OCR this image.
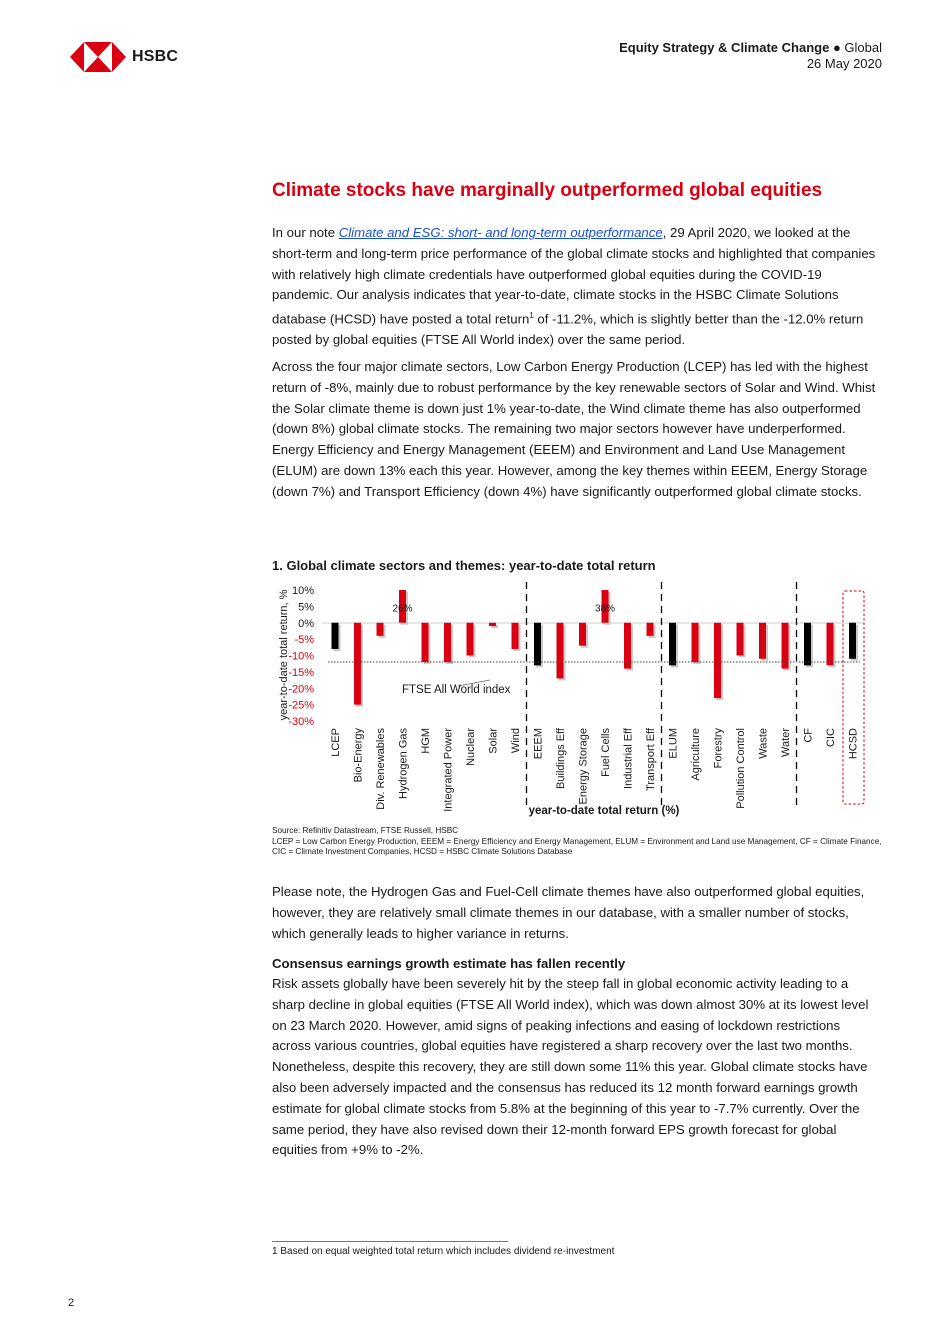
HSBC
Equity Strategy & Climate Change ● Global
26 May 2020
Climate stocks have marginally outperformed global equities

In our note Climate and ESG: short- and long-term outperformance, 29 April 2020, we looked at the short-term and long-term price performance of the global climate stocks and highlighted that companies with relatively high climate credentials have outperformed global equities during the COVID-19 pandemic. Our analysis indicates that year-to-date, climate stocks in the HSBC Climate Solutions database (HCSD) have posted a total return$^1$ of -11.2%, which is slightly better than the -12.0% return posted by global equities (FTSE All World index) over the same period.

Across the four major climate sectors, Low Carbon Energy Production (LCEP) has led with the highest return of -8%, mainly due to robust performance by the key renewable sectors of Solar and Wind. Whist the Solar climate theme is down just 1% year-to-date, the Wind climate theme has also outperformed (down 8%) global climate stocks. The remaining two major sectors however have underperformed. Energy Efficiency and Energy Management (EEEM) and Environment and Land Use Management (ELUM) are down 13% each this year. However, among the key themes within EEEM, Energy Storage (down 7%) and Transport Efficiency (down 4%) have significantly outperformed global climate stocks.

1. Global climate sectors and themes: year-to-date total return
year-to-date total return, % 10%
5%
0%
-5%
-10%
-15%
-20%
-25%
-30%
26%	38%
LCEP Bio-Energy Div. Renewables Hydrogen Gas HGM Integrated Power Nuclear Solar Wind EEEM Buildings Eff Energy Storage Fuel Cells Industrial Eff Transport Eff ELUM Agriculture Forestry Pollution Control Waste Water CF CIC HCSD
FTSE All World index
year-to-date total return (%)
Source: Refinitiv Datastream, FTSE Russell, HSBC
LCEP = Low Carbon Energy Production, EEEM = Energy Efficiency and Energy Management, ELUM = Environment and Land use Management, CF = Climate Finance, CIC = Climate Investment Companies, HCSD = HSBC Climate Solutions Database

Please note, the Hydrogen Gas and Fuel-Cell climate themes have also outperformed global equities, however, they are relatively small climate themes in our database, with a smaller number of stocks, which generally leads to higher variance in returns.

Consensus earnings growth estimate has fallen recently

Risk assets globally have been severely hit by the steep fall in global economic activity leading to a sharp decline in global equities (FTSE All World index), which was down almost 30% at its lowest level on 23 March 2020. However, amid signs of peaking infections and easing of lockdown restrictions across various countries, global equities have registered a sharp recovery over the last two months. Nonetheless, despite this recovery, they are still down some 11% this year. Global climate stocks have also been adversely impacted and the consensus has reduced its 12 month forward earnings growth estimate for global climate stocks from 5.8% at the beginning of this year to -7.7% currently. Over the same period, they have also revised down their 12-month forward EPS growth forecast for global equities from +9% to -2%.

1 Based on equal weighted total return which includes dividend re-investment
2
